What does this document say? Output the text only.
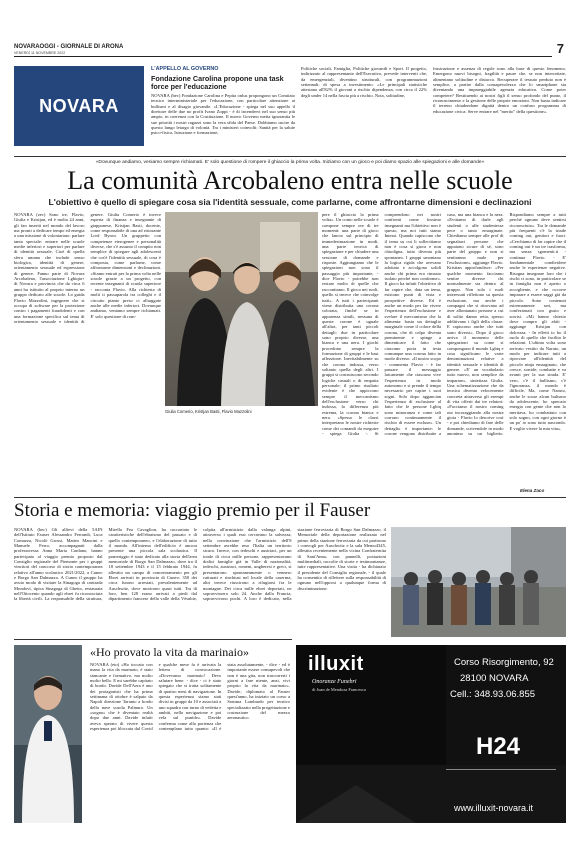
NOVARAOGGI - GIORNALE DI ARONA
VENERDÌ 11 NOVEMBRE 2022	7
NOVARA
L'APPELLO AL GOVERNO
Fondazione Carolina propone una task force per l'educazione
NOVARA (bec) Fondazione Carolina e Pepita onlus propongono un Comitato tecnico interministeriale per l'educazione, con particolare attenzione ai bullismi e al disagio giovanile. «L'Educazione - spiega nel suo appello il direttore delle due no profit Ivano Zoppi - è di incendervi nel suo senso più ampio, in coerenza con la Costituzione. Il nuovo Governo metta ignorantia le sue priorità i nostri ragazzi sono la vera sfida del Paese. Dobbiamo uscire da questo lungo letargo di volontà. Tra i ministeri coinvolti: Sanità per la salute psico-fisica, Istruzione e formazione,
Politiche sociali, Famiglia, Politiche giovanili e Sport. Il progetto, indirizzato al rappresentante dell'Esecutivo, prevede interventi che, da emergenziali, diventino strutturali, con programmazioni settennali: di spesa a investimento. «Le principali statistiche attestano all'82% il giovani a rischio dipendenza, con circa il 22% degli under 14 nella fascia più a rischio. Nota, solitudine,
frustrazione e assenza di regole sono alla base di questo fenomeno. Emergono nuovi bisogni, fragilità e paure che, se non intercettate, alimentano solitudine e distacco. Recuperare il tessuto perduto non è semplice, a partire dalla consapevolezza che lo smartphone sta diventando una impareggiabile agenzia educativa. Come poter competere? Restituendo ai nostri figli il senso profondo del punto, il riconoscimento e la gestione delle proprie emozioni. Non basta indicare il terreno chiudendone dignità dentro un confuso programma di educazione civica. Serve entrare nel "merito" della questione».
«Dovunque andiamo, veniamo sempre richiamati. E' solo questione di rompere il ghiaccio la prima volta. Iniziamo con un gioco e poi diamo spazio alle spiegazioni e alle domande»
La comunità Arcobaleno entra nelle scuole
L'obiettivo è quello di spiegare cosa sia l'identità sessuale, come parlarne, come affrontarne dimensioni e declinazioni
NOVARA (zec) Sono tre, Flavio, Giulia e Kristjan, ed è molta 24 anni, gli fan inseriti nel mondo del lavoro ma pronti a dedicare tempo ed energia a una missione di volontariato: parlare tanto speciale: entrare nelle scuole medie inferiori e superiori per parlare di identità sessuale. Cioè di quella sfera umana che include senso biologico, identità di genere, orientamento sessuale ed espressione di genere. Fanno parte di Novara Arcobaleno, l'associazione Lgbtqia+ di Novara e provincia che da circa 6 anni ha istituito al proprio interno un gruppo dedicato alle scuole. Lo guida Flavio Mazzolini, ingegnere che si occupa di software per la protezione contro i pagamenti fraudolenti e con una formazione specifica sul tema di orientamento sessuale e identità di genere. Giulia Comerio è invece esperta di finanza e insegnante di giapponese, Kristjan Basti, docente, come responsabile di una ad ristorante Lord Byron. Un gruppetto con competenze eterogenee e personalità diverse, che s'è assunto il compito non semplice di spiegare agli adolescenti che cos'è l'identità sessuale, di cosa è composta, come parlarne, come affrontarne dimensioni e declinazioni. «Siamo entrati per la prima volta nelle scuole grazie a un progetto, con recente insegnanti di scuola superiore - racconta Flavio. Alla richiesta di molti ti passaparola tra colleghi e il circuito pianto preso ci allarggate anche alle medie inferiori. Dovunque andiamo, veniamo sempre richiamati. E' solo questione di rom-
Giulia Comerio, Kristjan Basti, Flavio Mazzolini
pere il ghiaccio la prima volta». Un conto nelle scuole è compone sempre ore di tre momenti: una parte di gioco che lancia sul principio di immedesimazione in modi, una parte teorica di spiegazione e per chiudere una sessione di domande e risposte. Aggiungiamo che le spiegazioni non sono il passaggio più importante, - dice Flavio - potrebbe non restare molto di quelle che raccontiamo. Il gioco nei ruoli, quello si invece che coinvolge tutti». A tutti i partecipanti viene distribuita una corona colorata, finché se in apparenza simili, nessuna di queste corone è uguale all'altra, per tanti piccoli dettagli: due in particolare sono proprio diverse, una bianca e una nera. I giochi procedono sempre la formazione di gruppi e le basi affezzione. Inevitabilmente su che corona indossa, verso soltanto quella degli altri. I gruppi si costruiscono secondo logiche casuali o di empatia personale; il primo risultato evidente è che appiccono sempre il meccanismo dell'esclusione verso chi indossa, la differenza più estrema, la corona bianca e nera. «Spesso le classi interpretano le nostre richieste come dei comandi da eseguire - spiega Giulia -. Si comprendono nei nostri confronti come fossimo insegnanti ma l'obiettivo non è questo, ma noi tutti siamo Intessi. Quando capiscono che il tema su cui li sollecitiamo non è cosa si gioca e non chiodigna, tutto diventa più spontaneo. I gruppi smontano la logica rigida che avevano adottato e accolgono solidi anche chi prima era rimasto isolato perché non conforme». Il gioco ha infatti l'obiettivo di far capire che, data un tema, esistono punti di vista e prospettive diverse. Ed è anche un modo per far vivere l'esperienza dell'esclusione e svelare il meccanismo che la alimenta: basta un dettaglio marginale come il colore della corona, che di colpo diventa preminente e spinge a dimenticare il fatto che ciascuno porta in testa comunque una corona fatto in modo diverso. «Il nostro scopo - commenta Flavio - è far passare il messaggio laicamente che ciascuno vive l'esperienza in modo autonomo e si prende il tempo necessario per capire i suoi sogni. Solo dopo aggancian l'esperienza di esclusione al fatto che le persone Lgbtq sono minoranza e come tali corrono continuamente il rischio di essere escluse». Un dettaglio è importante: le corone vengono distribuite a caso, ma una bianca e la nera. «Evitiamo di darle agli studenti o alle studentesse pece o tanto emarginate. Chiediamo sempre alle prof di segnalarci persone che appaiono sicure di sé, sono parte del gruppo e non si sentiranno male per l'esclusione», aggiunge Flavio. Kristian approfondisce: «Per qualche momento facciamo sentire diverse chi normalmente sta dentro al gruppo. Non solo i ruoli interessati riflettono su questa esclusione, ma anche i compagni che si ritrovano ad aver allontanato persone a cui di solito danno retta, spesso additivano i figli della classe. E capiscono anche che tutti sono diversi». Dopo il gioco arriva il momento delle spiegazioni su come si compongono il mondo Lgbtq e cosa significano le varie denominazioni relative a identità sessuale e identità di genere. «E' un vocabolario tutto nuovo, non semplice da imparare», sintetizza Giulia. Una schematizzazione che da tecnica diventa velocemente concreta attraverso gli esempi di vita offerti dai tre relatori: «Facciamo il nostro coming out incoraggiando alla nostra gioia - Flavio lo descrive così - e poi chiediamo di fare delle domande, scrivendole in modo anonimo su un biglietto. Rispondiamo sempre a tutti perché ognuno deve sentirsi riconosciuto». Tra le domande più frequenti c'è la triade coming out, genitori e fuori. «Cerchiamo di far capire che il coming out è un tre trasforma, ma senza sgomenti.it - continua Flavio. - E' fondamentale condividere anche le esperienze negative. Bisogna insegnare loro che i rischi ci sono, in particolare se in famiglia non è aperto o accogliente, e che occorre imparare a essere saggi già da piccolo. Sono contenuti estremamente seri, ma confezionati con gusto e sorrisi. «Mi hanno chiesto dove compro gli abiti - aggiunge Kristjan con dolcezza. - In effetti io ho il ruolo di quello che facilita le relazioni. L'ultima volta sono arrivato vestito da Naruto, un modo per indicare tutti a riprovare all'identità del piccolo ninja emarginato, che cresce, sorride, combatte e va avanti per la sua strada. E' vero, c'è il bullismo, c'è l'ignoranza, il mondo è difficile. Ma, come Naruto, anche le scuse alcun bulismo da adolescente, ho sprecato energia con gente che non lo meritava, ho combattuto con solo sogno, con ogni giorno è un po' io sono tutto nascondo. E voglio vivere la mia vita».
Elena Zaco
Storia e memoria: viaggio premio per il Fauser
NOVARA (bec) Gli allievi della 5AIN dell'Istituto Fauser Alessandro Ferrandi, Luca Comazza, Nicolò Grossi, Matteo Mancini e Manuele Ferro, accompagnati dalla professoressa Anna Maria Cardano, hanno partecipato al viaggio premio proposto dal Consiglio regionale del Piemonte per i gruppi vincitori del concorso di storia contemporanea relativo all'anno scolastico 2021/2022, a Cuneo e Borgo San Dalmazzo. A Cuneo il gruppo ha avuto modo di visitare la Sinagoga di contrada Mondovì, tipica Sinagoga di Ghetto, restaurata nell'Ottocento quando agli ebrei fu riconosciuta la libertà civili. La responsabile della struttura, Mirella Fea Cavaglion, ha raccontato le caratteristiche dell'ebraismo del passato e di quello contemporaneo, e l'elaborazione di tutto il mondo. All'interno dell'edificio è ancora presente una piccola sala scolastica. Il pomeriggio è stato dedicato alla storia dell'area memoriale di Borgo San Dalmazzo, dove tra il 18 settembre 1943 e il 15 febbraio 1944, fu allestito un campo di concentramento per gli Ebrei arrivati in provincia di Cuneo: 350 dei circa furono arrestati, prevalentemente ad Auschwitz, dove morirono quasi tutti. Tra di loro, ben 128 erano arrivati a piedi dal dipartimento francese della valle della Vésubie, colpita all'armistizio dalla valanga alpini, attraverso i quali essi cercavano la salvezza, nella convinzione che l'armistizio dell'8 settembre avrebbe reso l'Italia un territorio sicuro. Invece, con tedeschi e austriaci, per un totale di circa mille persone, rappresentavano dodici famiglie già in Valle di nazionalità, tedeschi, austriaci, romeni, ungheresi e greci, si presentarono spontaneamente o vennero catturati e rinchiusi nel locale della caserma, altri invece riuscirono a rifugiarsi fra le montagne. Dei circa mille ebrei deportati, ne sopravvissero solo 24. Anche dalla Francia, sopravvivono pochi. A loro è dedicato, nella stazione ferroviaria di Borgo San Dalmazzo, il Memoriale della deportazione realizzato nel primo della stazione ferroviaria da cui partirono i convogli per Auschwitz e la sala Memo4345, allestita recentemente nella vicina Confraternita di Sant'Anna, con pannelli, postazioni multimediali, raccolte di storie e testimonianze, tutte rappresentative. Una visita - ha dichiarato il presidente del Consiglio regionale, - il quale ha consentito di riflettere sulla responsabilità di ognuno nell'opporsi a qualunque forma di discriminazione.
«Ho provato la vita da marinaio»
NOVARA (eto) «Ho toccato con mano la vita da marinaio, è stato stancante e formativo, ma molto molto bello. E mi sarebbe capitato di bordo. Davide Dell'Aera è uno dei protagonisti che ha prima settimana di ottobre è salpato da Napoli direzione Taranto a bordo della nave scuola Palinuro. Un «sogno» che è diventato realtà dopo due anni. Davide infatti aveva sperato di vivere questa esperienza poi bloccata dal Covid e qualche mese fa è arrivata la lettera di convocazione. «Dovevamo marinaio! Devo salutare bene. - dice - ci è stato spiegato che si tratta solitamente di quattro mesi di navigazione. In questa esperienza siamo stati divisi in gruppi da 10 e associati a uno squadra con turno di vedetta e ambiti, nella navigazione e poi vela sul puntile». Davide conferma come alla portenza che contemplano tutto quanto: «Il è stata assolutamente, - dice - ed è importante essere consapevoli che non è una gita, non trascorrerti i giorni a fare niente, anzi, vivi proprio la vita da marinaio». Davide, diplomato al Fauser quest'anno, ha iniziato un corso a Somma Lombardo per tecnico specializzato nella progettazione e costruzione del mezzo aeronautico.
illuxit
Onoranze Funebri
di Juan de Mendoza Francesca
Corso Risorgimento, 92
28100 NOVARA
Cell.: 348.93.06.855
H24
www.illuxit-novara.it
